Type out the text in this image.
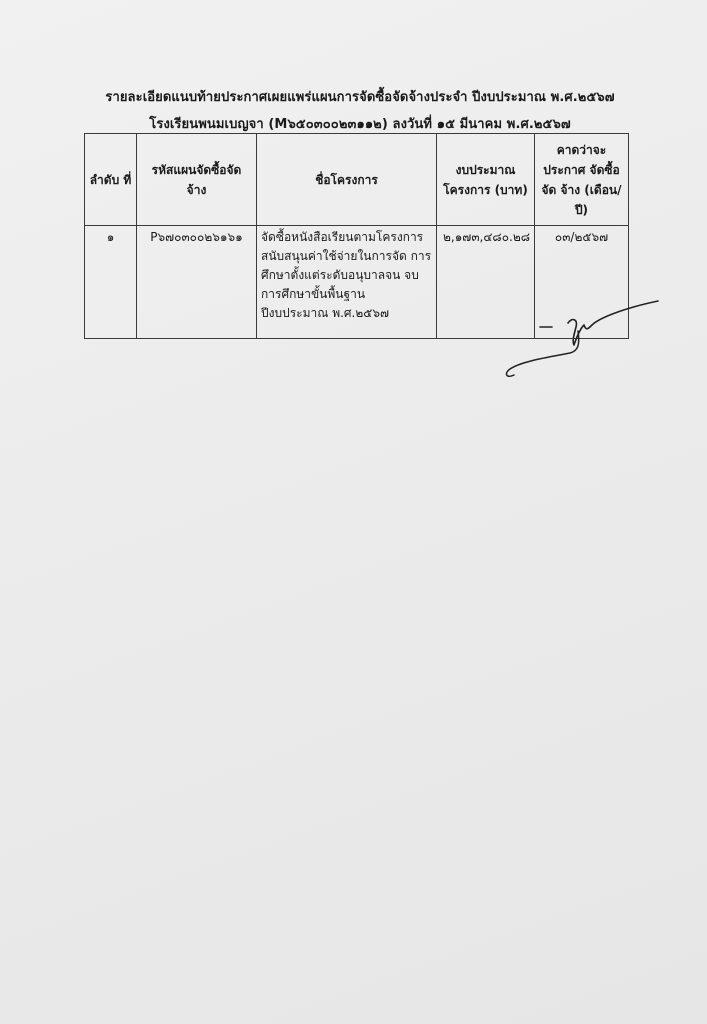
รายละเอียดแนบท้ายประกาศเผยแพร่แผนการจัดซื้อจัดจ้างประจำ ปีงบประมาณ พ.ศ.๒๕๖๗
โรงเรียนพนมเบญจา (M๖๕๐๓๐๐๒๓๑๑๒) ลงวันที่ ๑๕ มีนาคม พ.ศ.๒๕๖๗
ลำดับ ที่	รหัสแผนจัดซื้อจัด จ้าง	ชื่อโครงการ	งบประมาณ โครงการ (บาท)	คาดว่าจะ ประกาศ จัดซื้อ จัด จ้าง (เดือน/ปี)
๑	P๖๗๐๓๐๐๒๖๑๖๑	จัดซื้อหนังสือเรียนตามโครงการ สนับสนุนค่าใช้จ่ายในการจัด การศึกษาตั้งแต่ระดับอนุบาลจน จบการศึกษาขั้นพื้นฐาน ปีงบประมาณ พ.ศ.๒๕๖๗	๒,๑๗๓,๔๘๐.๒๘	๐๓/๒๕๖๗
